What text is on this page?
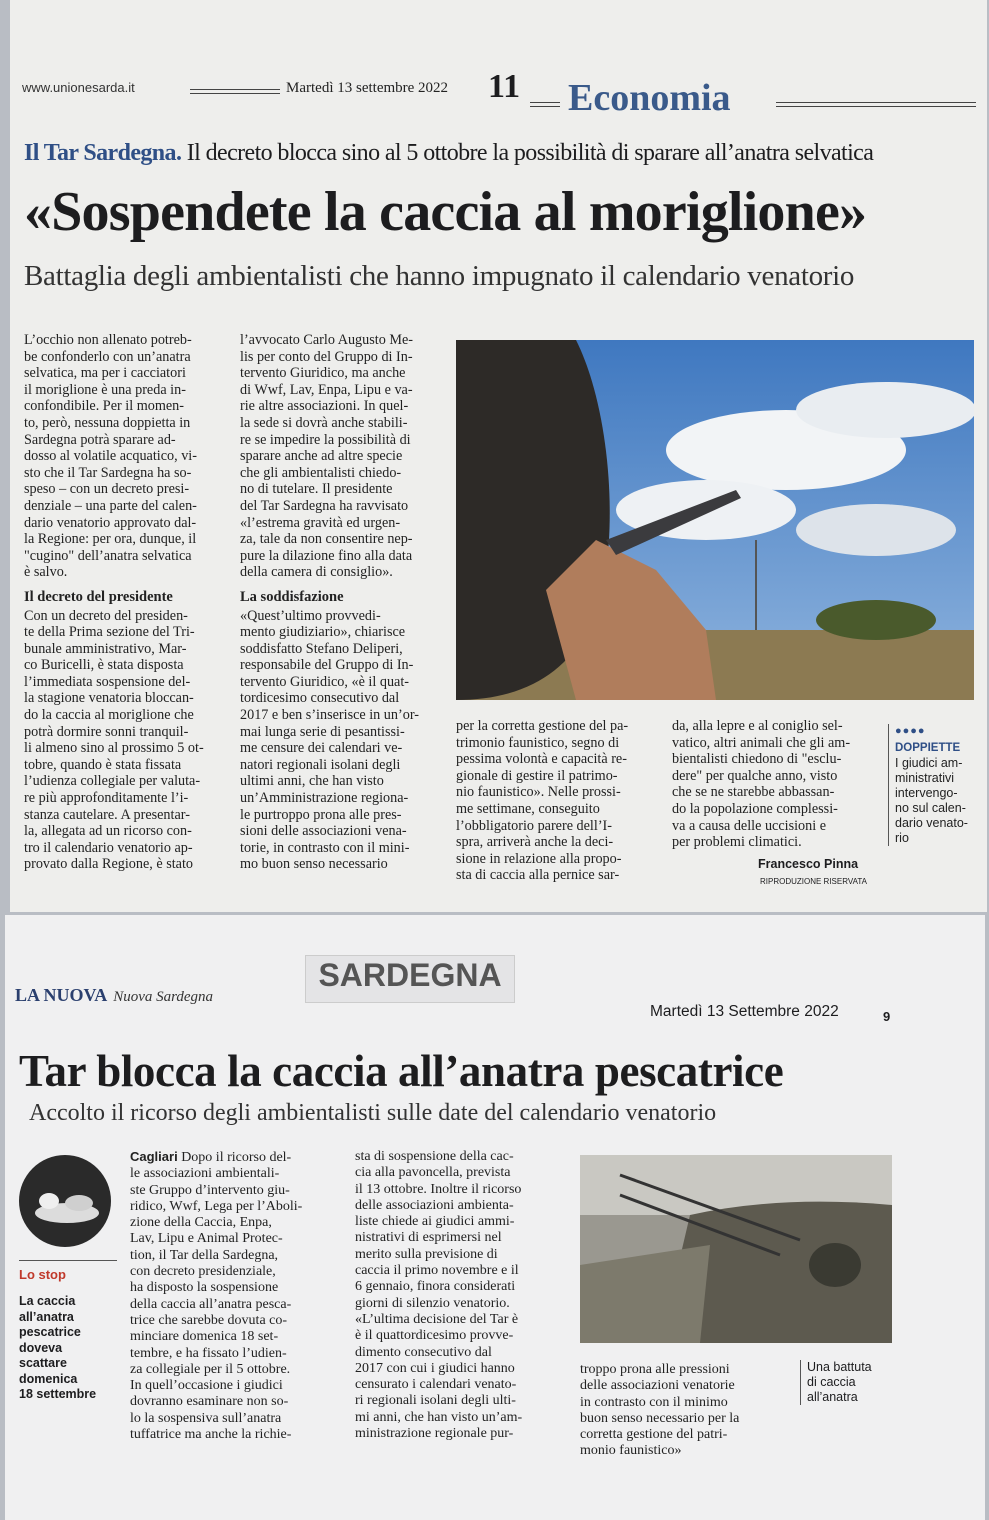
www.unionesarda.it	Martedì 13 settembre 2022 11 Economia
Il Tar Sardegna. Il decreto blocca sino al 5 ottobre la possibilità di sparare all’anatra selvatica
«Sospendete la caccia al moriglione»
Battaglia degli ambientalisti che hanno impugnato il calendario venatorio

L’occhio non allenato potreb-
be confonderlo con un’anatra
selvatica, ma per i cacciatori
il moriglione è una preda in-
confondibile. Per il momen-
to, però, nessuna doppietta in
Sardegna potrà sparare ad-
dosso al volatile acquatico, vi-
sto che il Tar Sardegna ha so-
speso – con un decreto presi-
denziale – una parte del calen-
dario venatorio approvato dal-
la Regione: per ora, dunque, il
"cugino" dell’anatra selvatica
è salvo.

Il decreto del presidente

Con un decreto del presiden-
te della Prima sezione del Tri-
bunale amministrativo, Mar-
co Buricelli, è stata disposta
l’immediata sospensione del-
la stagione venatoria bloccan-
do la caccia al moriglione che
potrà dormire sonni tranquil-
li almeno sino al prossimo 5 ot-
tobre, quando è stata fissata
l’udienza collegiale per valuta-
re più approfonditamente l’i-
stanza cautelare. A presentar-
la, allegata ad un ricorso con-
tro il calendario venatorio ap-
provato dalla Regione, è stato

l’avvocato Carlo Augusto Me-
lis per conto del Gruppo di In-
tervento Giuridico, ma anche
di Wwf, Lav, Enpa, Lipu e va-
rie altre associazioni. In quel-
la sede si dovrà anche stabili-
re se impedire la possibilità di
sparare anche ad altre specie
che gli ambientalisti chiedo-
no di tutelare. Il presidente
del Tar Sardegna ha ravvisato
«l’estrema gravità ed urgen-
za, tale da non consentire nep-
pure la dilazione fino alla data
della camera di consiglio».

La soddisfazione

«Quest’ultimo provvedi-
mento giudiziario», chiarisce
soddisfatto Stefano Deliperi,
responsabile del Gruppo di In-
tervento Giuridico, «è il quat-
tordicesimo consecutivo dal
2017 e ben s’inserisce in un’or-
mai lunga serie di pesantissi-
me censure dei calendari ve-
natori regionali isolani degli
ultimi anni, che han visto
un’Amministrazione regiona-
le purtroppo prona alle pres-
sioni delle associazioni vena-
torie, in contrasto con il mini-
mo buon senso necessario

per la corretta gestione del pa-
trimonio faunistico, segno di
pessima volontà e capacità re-
gionale di gestire il patrimo-
nio faunistico». Nelle prossi-
me settimane, conseguito
l’obbligatorio parere dell’I-
spra, arriverà anche la deci-
sione in relazione alla propo-
sta di caccia alla pernice sar-

da, alla lepre e al coniglio sel-
vatico, altri animali che gli am-
bientalisti chiedono di "esclu-
dere" per qualche anno, visto
che se ne starebbe abbassan-
do la popolazione complessi-
va a causa delle uccisioni e
per problemi climatici.

Francesco Pinna
RIPRODUZIONE RISERVATA
●●●●
DOPPIETTE

I giudici am-
ministrativi
intervengo-
no sul calen-
dario venato-
rio

SARDEGNA
LA NUOVA Nuova Sardegna
Martedì 13 Settembre 2022	9
Tar blocca la caccia all’anatra pescatrice
Accolto il ricorso degli ambientalisti sulle date del calendario venatorio
Lo stop

La caccia
all’anatra
pescatrice
doveva
scattare
domenica
18 settembre

Cagliari Dopo il ricorso del-
le associazioni ambientali-
ste Gruppo d’intervento giu-
ridico, Wwf, Lega per l’Aboli-
zione della Caccia, Enpa,
Lav, Lipu e Animal Protec-
tion, il Tar della Sardegna,
con decreto presidenziale,
ha disposto la sospensione
della caccia all’anatra pesca-
trice che sarebbe dovuta co-
minciare domenica 18 set-
tembre, e ha fissato l’udien-
za collegiale per il 5 ottobre.
In quell’occasione i giudici
dovranno esaminare non so-
lo la sospensiva sull’anatra
tuffatrice ma anche la richie-

sta di sospensione della cac-
cia alla pavoncella, prevista
il 13 ottobre. Inoltre il ricorso
delle associazioni ambienta-
liste chiede ai giudici ammi-
nistrativi di esprimersi nel
merito sulla previsione di
caccia il primo novembre e il
6 gennaio, finora considerati
giorni di silenzio venatorio.
«L’ultima decisione del Tar è
è il quattordicesimo provve-
dimento consecutivo dal
2017 con cui i giudici hanno
censurato i calendari venato-
ri regionali isolani degli ulti-
mi anni, che han visto un’am-
ministrazione regionale pur-

troppo prona alle pressioni
delle associazioni venatorie
in contrasto con il minimo
buon senso necessario per la
corretta gestione del patri-
monio faunistico»

Una battuta
di caccia
all’anatra
